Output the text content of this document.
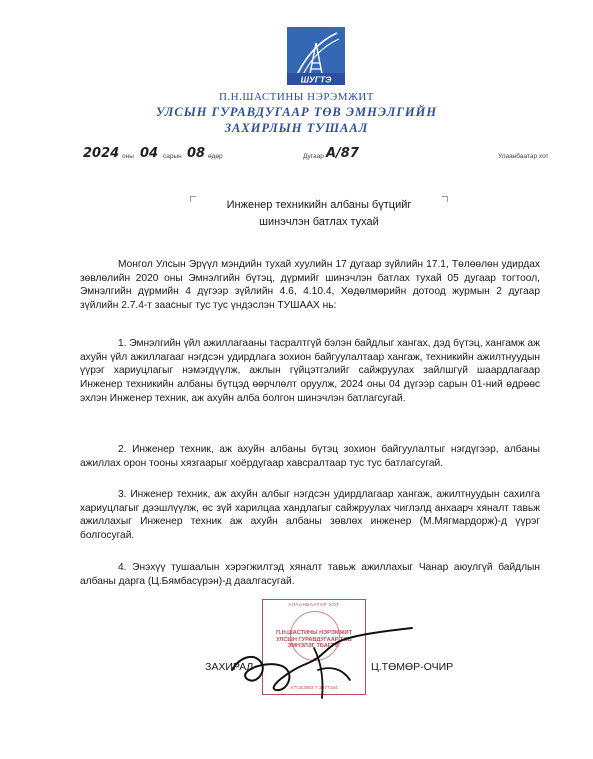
ШУГТЭ
П.Н.ШАСТИНЫ НЭРЭМЖИТ
УЛСЫН ГУРАВДУГААР ТӨВ ЭМНЭЛГИЙН
ЗАХИРЛЫН ТУШААЛ
2024 оны 04 сарын 08 өдөр	Дугаар A/87	Улаанбаатар хот
Инженер техникийн албаны бүтцийг
шинэчлэн батлах тухай

Монгол Улсын Эрүүл мэндийн тухай хуулийн 17 дугаар зүйлийн 17.1, Төлөөлөн удирдах зөвлөлийн 2020 оны Эмнэлгийн бүтэц, дүрмийг шинэчлэн батлах тухай 05 дугаар тогтоол, Эмнэлгийн дүрмийн 4 дүгээр зүйлийн 4.6, 4.10.4, Хөдөлмөрийн дотоод журмын 2 дугаар зүйлийн 2.7.4-т заасныг тус тус үндэслэн ТУШААХ нь:

1. Эмнэлгийн үйл ажиллагааны тасралтгүй бэлэн байдлыг хангах, дэд бүтэц, хангамж аж ахуйн үйл ажиллагааг нэгдсэн удирдлага зохион байгуулалтаар хангаж, техникийн ажилтнуудын үүрэг хариуцлагыг нэмэгдүүлж, ажлын гүйцэтгэлийг сайжруулах зайлшгүй шаардлагаар Инженер техникийн албаны бүтцэд өөрчлөлт оруулж, 2024 оны 04 дүгээр сарын 01-ний өдрөөс эхлэн Инженер техник, аж ахуйн алба болгон шинэчлэн батлагсугай.

2. Инженер техник, аж ахуйн албаны бүтэц зохион байгуулалтыг нэгдүгээр, албаны ажиллах орон тооны хязгаарыг хоёрдугаар хавсралтаар тус тус батлагсугай.

3. Инженер техник, аж ахуйн албыг нэгдсэн удирдлагаар хангаж, ажилтнуудын сахилга хариуцлагыг дээшлүүлж, өс зүй харилцаа хандлагыг сайжруулах чиглэлд анхаарч хяналт тавьж ажиллахыг Инженер техник аж ахуйн албаны зөвлөх инженер (М.Мягмардорж)-д үүрэг болгосугай.

4. Энэхүү тушаалын хэрэгжилтэд хяналт тавьж ажиллахыг Чанар аюулгүй байдлын албаны дарга (Ц.Бямбасүрэн)-д даалгасугай.

УЛААНБААТАР ХОТ
П.Н.ШАСТИНЫ НЭРЭМЖИТ УЛСЫН ГУРАВДУГААР ТӨВ ЭМНЭЛЭГ ТБАГТҮГ
ХТСЕ3503 7 3577154
ЗАХИРАЛ	Ц.ТӨМӨР-ОЧИР
